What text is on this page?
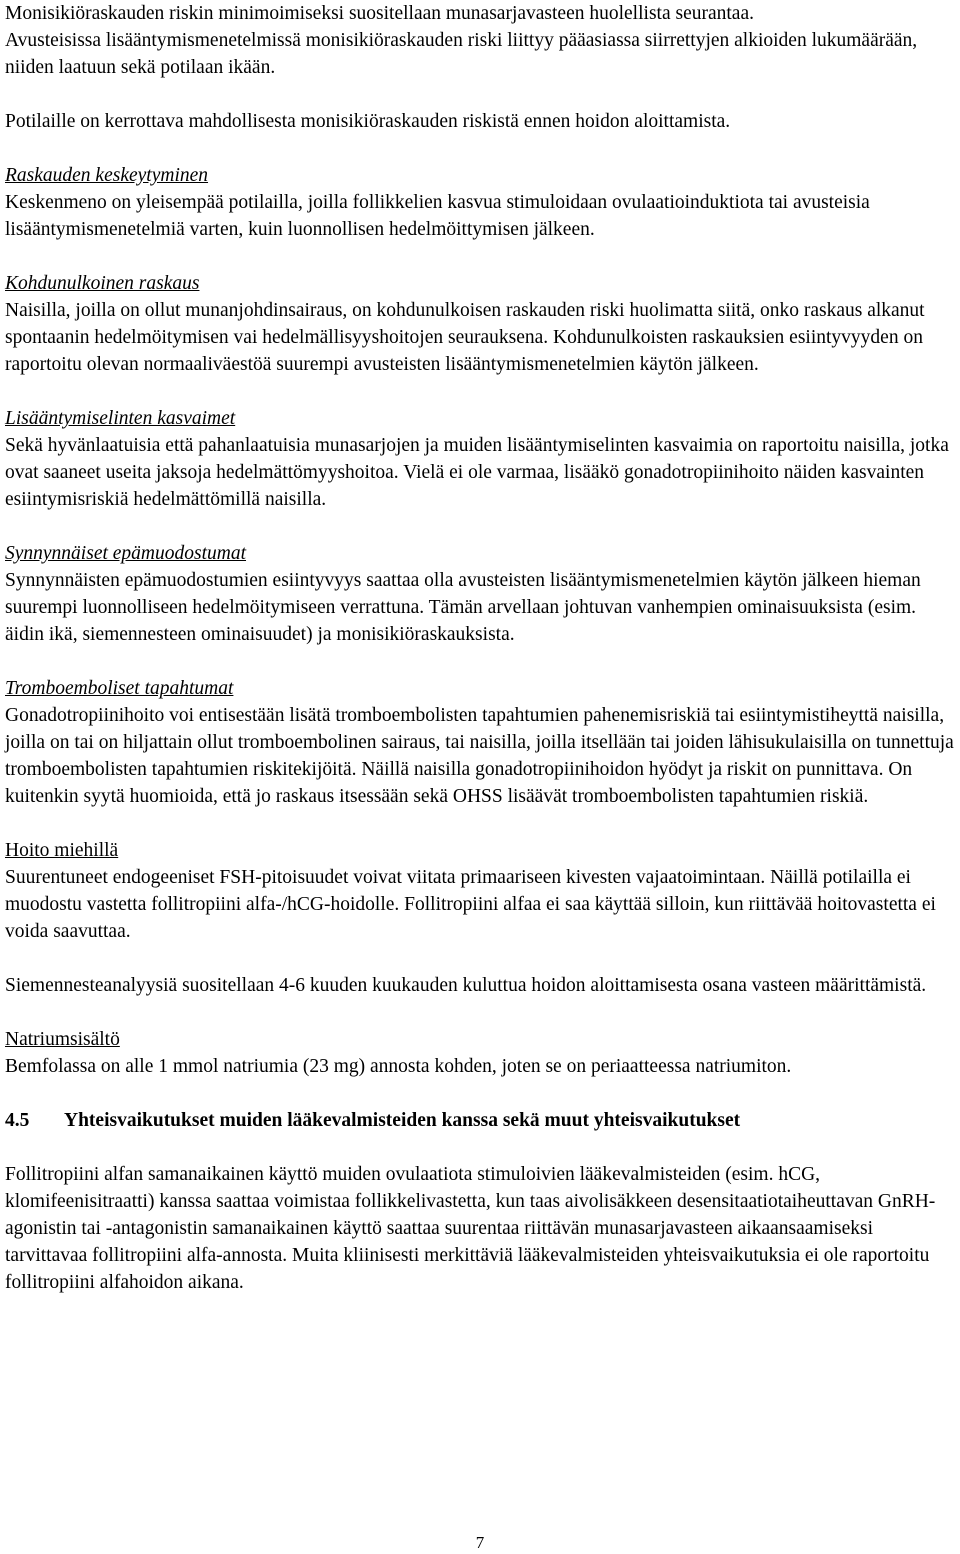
Monisikiöraskauden riskin minimoimiseksi suositellaan munasarjavasteen huolellista seurantaa.

Avusteisissa lisääntymismenetelmissä monisikiöraskauden riski liittyy pääasiassa siirrettyjen alkioiden lukumäärään, niiden laatuun sekä potilaan ikään.

Potilaille on kerrottava mahdollisesta monisikiöraskauden riskistä ennen hoidon aloittamista.

Raskauden keskeytyminen

Keskenmeno on yleisempää potilailla, joilla follikkelien kasvua stimuloidaan ovulaatioinduktiota tai avusteisia lisääntymismenetelmiä varten, kuin luonnollisen hedelmöittymisen jälkeen.

Kohdunulkoinen raskaus

Naisilla, joilla on ollut munanjohdinsairaus, on kohdunulkoisen raskauden riski huolimatta siitä, onko raskaus alkanut spontaanin hedelmöitymisen vai hedelmällisyyshoitojen seurauksena. Kohdunulkoisten raskauksien esiintyvyyden on raportoitu olevan normaaliväestöä suurempi avusteisten lisääntymismenetelmien käytön jälkeen.

Lisääntymiselinten kasvaimet

Sekä hyvänlaatuisia että pahanlaatuisia munasarjojen ja muiden lisääntymiselinten kasvaimia on raportoitu naisilla, jotka ovat saaneet useita jaksoja hedelmättömyyshoitoa. Vielä ei ole varmaa, lisääkö gonadotropiinihoito näiden kasvainten esiintymisriskiä hedelmättömillä naisilla.

Synnynnäiset epämuodostumat

Synnynnäisten epämuodostumien esiintyvyys saattaa olla avusteisten lisääntymismenetelmien käytön jälkeen hieman suurempi luonnolliseen hedelmöitymiseen verrattuna. Tämän arvellaan johtuvan vanhempien ominaisuuksista (esim. äidin ikä, siemennesteen ominaisuudet) ja monisikiöraskauksista.

Tromboemboliset tapahtumat

Gonadotropiinihoito voi entisestään lisätä tromboembolisten tapahtumien pahenemisriskiä tai esiintymistiheyttä naisilla, joilla on tai on hiljattain ollut tromboembolinen sairaus, tai naisilla, joilla itsellään tai joiden lähisukulaisilla on tunnettuja tromboembolisten tapahtumien riskitekijöitä. Näillä naisilla gonadotropiinihoidon hyödyt ja riskit on punnittava. On kuitenkin syytä huomioida, että jo raskaus itsessään sekä OHSS lisäävät tromboembolisten tapahtumien riskiä.

Hoito miehillä

Suurentuneet endogeeniset FSH-pitoisuudet voivat viitata primaariseen kivesten vajaatoimintaan. Näillä potilailla ei muodostu vastetta follitropiini alfa-/hCG-hoidolle. Follitropiini alfaa ei saa käyttää silloin, kun riittävää hoitovastetta ei voida saavuttaa.

Siemennesteanalyysiä suositellaan 4-6 kuuden kuukauden kuluttua hoidon aloittamisesta osana vasteen määrittämistä.

Natriumsisältö

Bemfolassa on alle 1 mmol natriumia (23 mg) annosta kohden, joten se on periaatteessa natriumiton.

4.5	Yhteisvaikutukset muiden lääkevalmisteiden kanssa sekä muut yhteisvaikutukset

Follitropiini alfan samanaikainen käyttö muiden ovulaatiota stimuloivien lääkevalmisteiden (esim. hCG, klomifeenisitraatti) kanssa saattaa voimistaa follikkelivastetta, kun taas aivolisäkkeen desensitaatiotaiheuttavan GnRH-agonistin tai -antagonistin samanaikainen käyttö saattaa suurentaa riittävän munasarjavasteen aikaansaamiseksi tarvittavaa follitropiini alfa-annosta. Muita kliinisesti merkittäviä lääkevalmisteiden yhteisvaikutuksia ei ole raportoitu follitropiini alfahoidon aikana.

7
